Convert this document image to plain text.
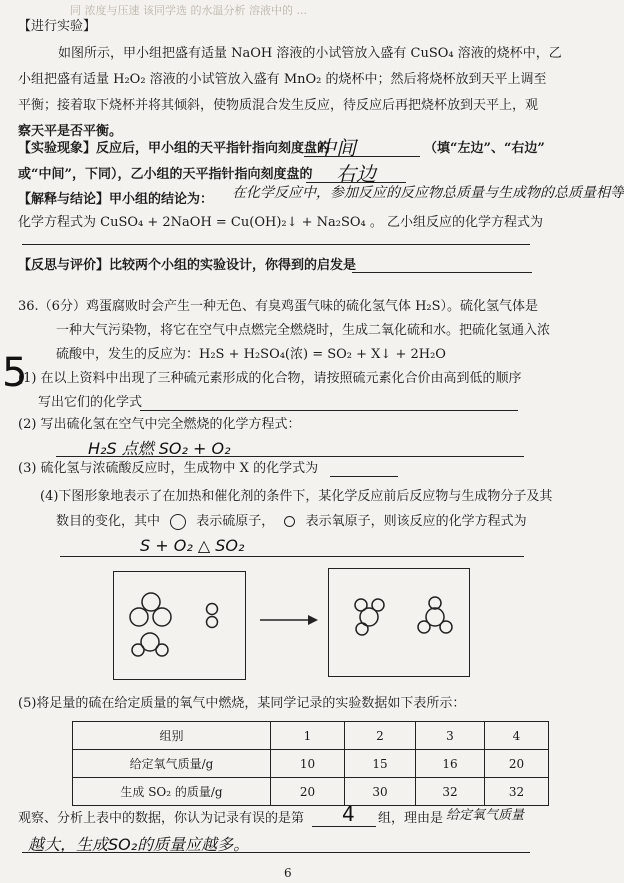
同 浓度与压速 该同学选 的水温分析 溶液中的 ...
【进行实验】
如图所示，甲小组把盛有适量 NaOH 溶液的小试管放入盛有 CuSO₄ 溶液的烧杯中，乙
小组把盛有适量 H₂O₂ 溶液的小试管放入盛有 MnO₂ 的烧杯中；然后将烧杯放到天平上调至
平衡；接着取下烧杯并将其倾斜，使物质混合发生反应，待反应后再把烧杯放到天平上，观
察天平是否平衡。
【实验现象】反应后，甲小组的天平指针指向刻度盘的
中间	（填“左边”、“右边”
或“中间”，下同），乙小组的天平指针指向刻度盘的 右边
【解释与结论】甲小组的结论为： 在化学反应中，参加反应的反应物总质量与生成物的总质量相等
化学方程式为 CuSO₄ + 2NaOH = Cu(OH)₂↓ + Na₂SO₄ 。 乙小组反应的化学方程式为
【反思与评价】比较两个小组的实验设计，你得到的启发是
36.（6分）鸡蛋腐败时会产生一种无色、有臭鸡蛋气味的硫化氢气体 H₂S）。硫化氢气体是
一种大气污染物，将它在空气中点燃完全燃烧时，生成二氧化硫和水。把硫化氢通入浓
硫酸中，发生的反应为：H₂S + H₂SO₄(浓) = SO₂ + X↓ + 2H₂O
5
(1) 在以上资料中出现了三种硫元素形成的化合物，请按照硫元素化合价由高到低的顺序
写出它们的化学式
(2) 写出硫化氢在空气中完全燃烧的化学方程式：
H₂S 点燃 SO₂ + O₂
(3) 硫化氢与浓硫酸反应时，生成物中 X 的化学式为
(4)下图形象地表示了在加热和催化剂的条件下，某化学反应前后反应物与生成物分子及其
数目的变化，其中	表示硫原子， 表示氧原子，则该反应的化学方程式为
S + O₂ △ SO₂
(5)将足量的硫在给定质量的氧气中燃烧，某同学记录的实验数据如下表所示：
组别	1	2	3	4
给定氧气质量/g	10	15	16	20
生成 SO₂ 的质量/g	20	30	32	32
观察、分析上表中的数据，你认为记录有误的是第 4 组，理由是 给定氧气质量
越大，生成SO₂的质量应越多。
6
